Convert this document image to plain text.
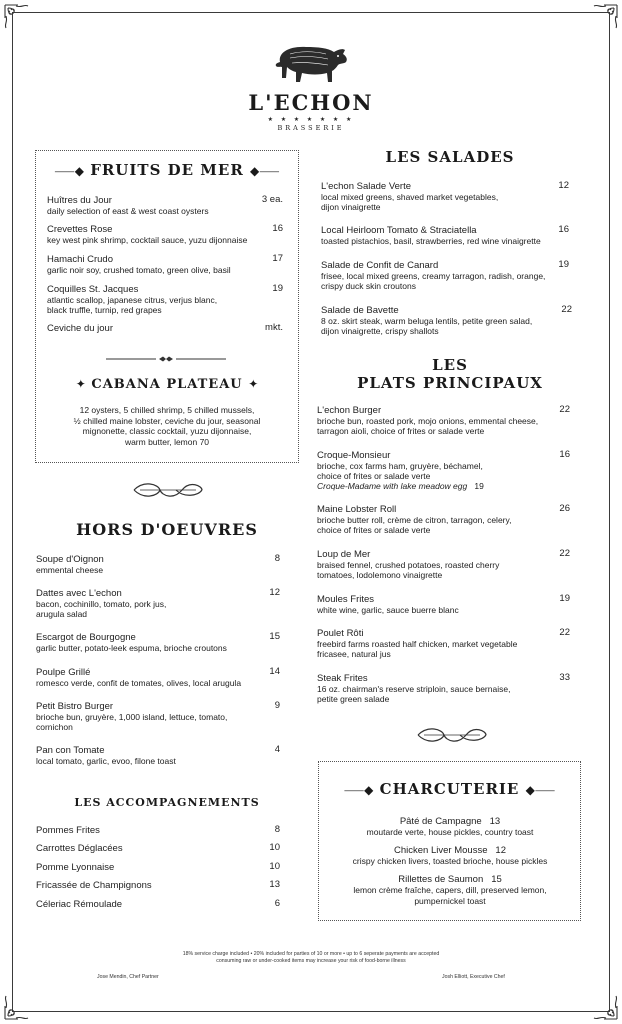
L'ECHON
★ ★ ★ ★ ★ ★ ★
BRASSERIE
⸺◆ FRUITS DE MER ◆⸺
Huîtres du Jour
daily selection of east & west coast oysters
3 ea.
Crevettes Rose
key west pink shrimp, cocktail sauce, yuzu dijonnaise
16
Hamachi Crudo
garlic noir soy, crushed tomato, green olive, basil
17
Coquilles St. Jacques
atlantic scallop, japanese citrus, verjus blanc,
black truffle, turnip, red grapes
19
Ceviche du jour	mkt.
✦ CABANA PLATEAU ✦
12 oysters, 5 chilled shrimp, 5 chilled mussels,
½ chilled maine lobster, ceviche du jour, seasonal
mignonette, classic cocktail, yuzu dijonnaise,
warm butter, lemon 70
HORS D'OEUVRES
Soupe d'Oignon
emmental cheese
8
Dattes avec L'echon
bacon, cochinillo, tomato, pork jus,
arugula salad
12
Escargot de Bourgogne
garlic butter, potato-leek espuma, brioche croutons
15
Poulpe Grillé
romesco verde, confit de tomates, olives, local arugula
14
Petit Bistro Burger
brioche bun, gruyère, 1,000 island, lettuce, tomato,
cornichon
9
Pan con Tomate
local tomato, garlic, evoo, filone toast
4
LES ACCOMPAGNEMENTS
Pommes Frites	8
Carrottes Déglacées	10
Pomme Lyonnaise	10
Fricassée de Champignons	13
Céleriac Rémoulade	6
LES SALADES
L'echon Salade Verte
local mixed greens, shaved market vegetables,
dijon vinaigrette
12
Local Heirloom Tomato & Straciatella
toasted pistachios, basil, strawberries, red wine vinaigrette
16
Salade de Confit de Canard
frisee, local mixed greens, creamy tarragon, radish, orange,
crispy duck skin croutons
19
Salade de Bavette
8 oz. skirt steak, warm beluga lentils, petite green salad,
dijon vinaigrette, crispy shallots
22
LES
PLATS PRINCIPAUX
L'echon Burger
brioche bun, roasted pork, mojo onions, emmental cheese,
tarragon aioli, choice of frites or salade verte
22
Croque-Monsieur
brioche, cox farms ham, gruyère, béchamel,
choice of frites or salade verte
Croque-Madame with lake meadow egg 19
16
Maine Lobster Roll
brioche butter roll, crème de citron, tarragon, celery,
choice of frites or salade verte
26
Loup de Mer
braised fennel, crushed potatoes, roasted cherry
tomatoes, lodolemono vinaigrette
22
Moules Frites
white wine, garlic, sauce buerre blanc
19
Poulet Rôti
freebird farms roasted half chicken, market vegetable
fricasee, natural jus
22
Steak Frites
16 oz. chairman's reserve striploin, sauce bernaise,
petite green salade
33
⸺◆ CHARCUTERIE ◆⸺
Pâté de Campagne 13
moutarde verte, house pickles, country toast
Chicken Liver Mousse 12
crispy chicken livers, toasted brioche, house pickles
Rillettes de Saumon 15
lemon crème fraîche, capers, dill, preserved lemon,
pumpernickel toast
18% service charge included • 20% included for parties of 10 or more • up to 6 seperate payments are accepted
consuming raw or under-cooked items may increase your risk of food-borne illness
Jose Mendin, Chef Partner	Josh Elliott, Executive Chef
